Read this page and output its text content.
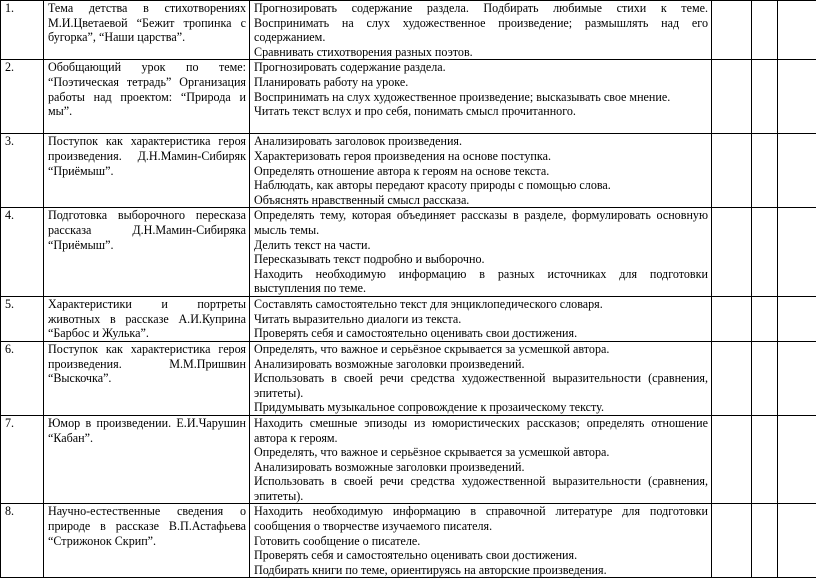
1.	Тема детства в стихотворениях М.И.Цветаевой “Бежит тропинка с бугорка”, “Наши царства”.	Прогнозировать содержание раздела. Подбирать любимые стихи к теме.
Воспринимать на слух художественное произведение; размышлять над его содержанием.
Сравнивать стихотворения разных поэтов.			

2.	Обобщающий урок по теме: “Поэтическая тетрадь” Организация работы над проектом: “Природа и мы”.	Прогнозировать содержание раздела.
Планировать работу на уроке.
Воспринимать на слух художественное произведение; высказывать свое мнение.
Читать текст вслух и про себя, понимать смысл прочитанного.			

3.	Поступок как характеристика героя произведения. Д.Н.Мамин-Сибиряк “Приёмыш”.	Анализировать заголовок произведения.
Характеризовать героя произведения на основе поступка.
Определять отношение автора к героям на основе текста.
Наблюдать, как авторы передают красоту природы с помощью слова.
Объяснять нравственный смысл рассказа.			

4.	Подготовка выборочного пересказа рассказа Д.Н.Мамин-Сибиряка “Приёмыш”.	Определять тему, которая объединяет рассказы в разделе, формулировать основную мысль темы.
Делить текст на части.
Пересказывать текст подробно и выборочно.
Находить необходимую информацию в разных источниках для подготовки выступления по теме.			

5.	Характеристики и портреты животных в рассказе А.И.Куприна “Барбос и Жулька”.	Составлять самостоятельно текст для энциклопедического словаря.
Читать выразительно диалоги из текста.
Проверять себя и самостоятельно оценивать свои достижения.			

6.	Поступок как характеристика героя произведения. М.М.Пришвин “Выскочка”.	Определять, что важное и серьёзное скрывается за усмешкой автора.
Анализировать возможные заголовки произведений.
Использовать в своей речи средства художественной выразительности (сравнения, эпитеты).
Придумывать музыкальное сопровождение к прозаическому тексту.			

7.	Юмор в произведении. Е.И.Чарушин “Кабан”.	Находить смешные эпизоды из юмористических рассказов; определять отношение автора к героям.
Определять, что важное и серьёзное скрывается за усмешкой автора.
Анализировать возможные заголовки произведений.
Использовать в своей речи средства художественной выразительности (сравнения, эпитеты).			

8.	Научно-естественные сведения о природе в рассказе В.П.Астафьева “Стрижонок Скрип”.	Находить необходимую информацию в справочной литературе для подготовки сообщения о творчестве изучаемого писателя.
Готовить сообщение о писателе.
Проверять себя и самостоятельно оценивать свои достижения.
Подбирать книги по теме, ориентируясь на авторские произведения.			
